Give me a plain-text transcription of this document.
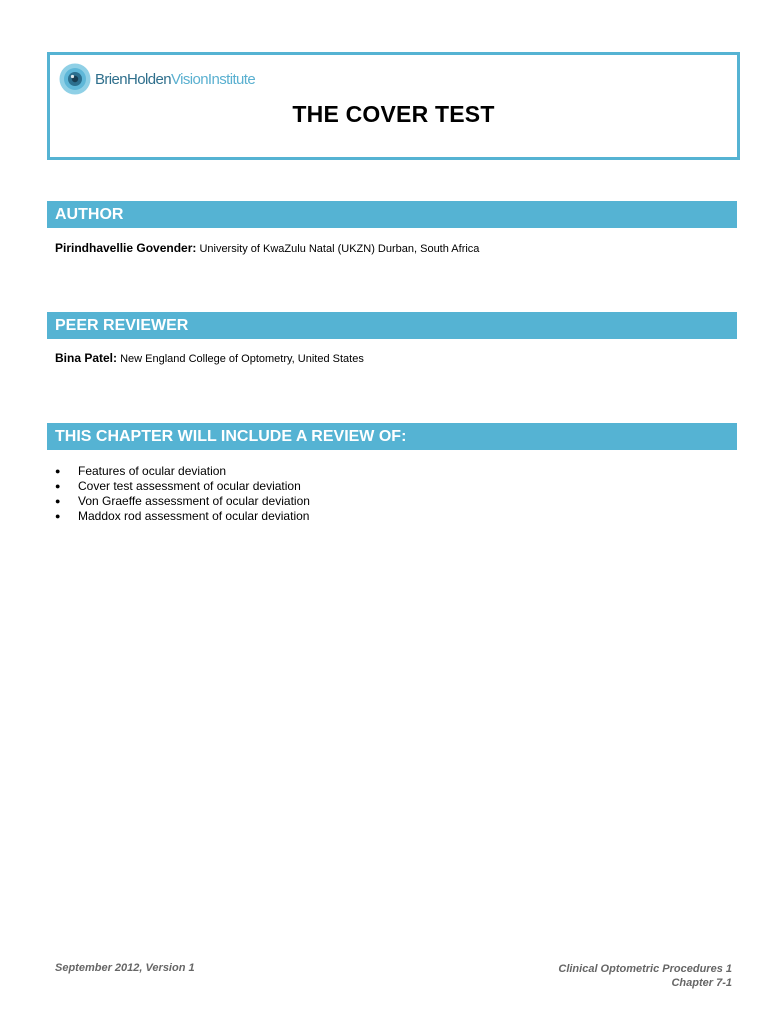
BrienHoldenVisionInstitute
THE COVER TEST
AUTHOR
Pirindhavellie Govender: University of KwaZulu Natal (UKZN) Durban, South Africa
PEER REVIEWER
Bina Patel: New England College of Optometry, United States
THIS CHAPTER WILL INCLUDE A REVIEW OF:
●	Features of ocular deviation
●	Cover test assessment of ocular deviation
●	Von Graeffe assessment of ocular deviation
●	Maddox rod assessment of ocular deviation
September 2012, Version 1	Clinical Optometric Procedures 1
Chapter 7-1
